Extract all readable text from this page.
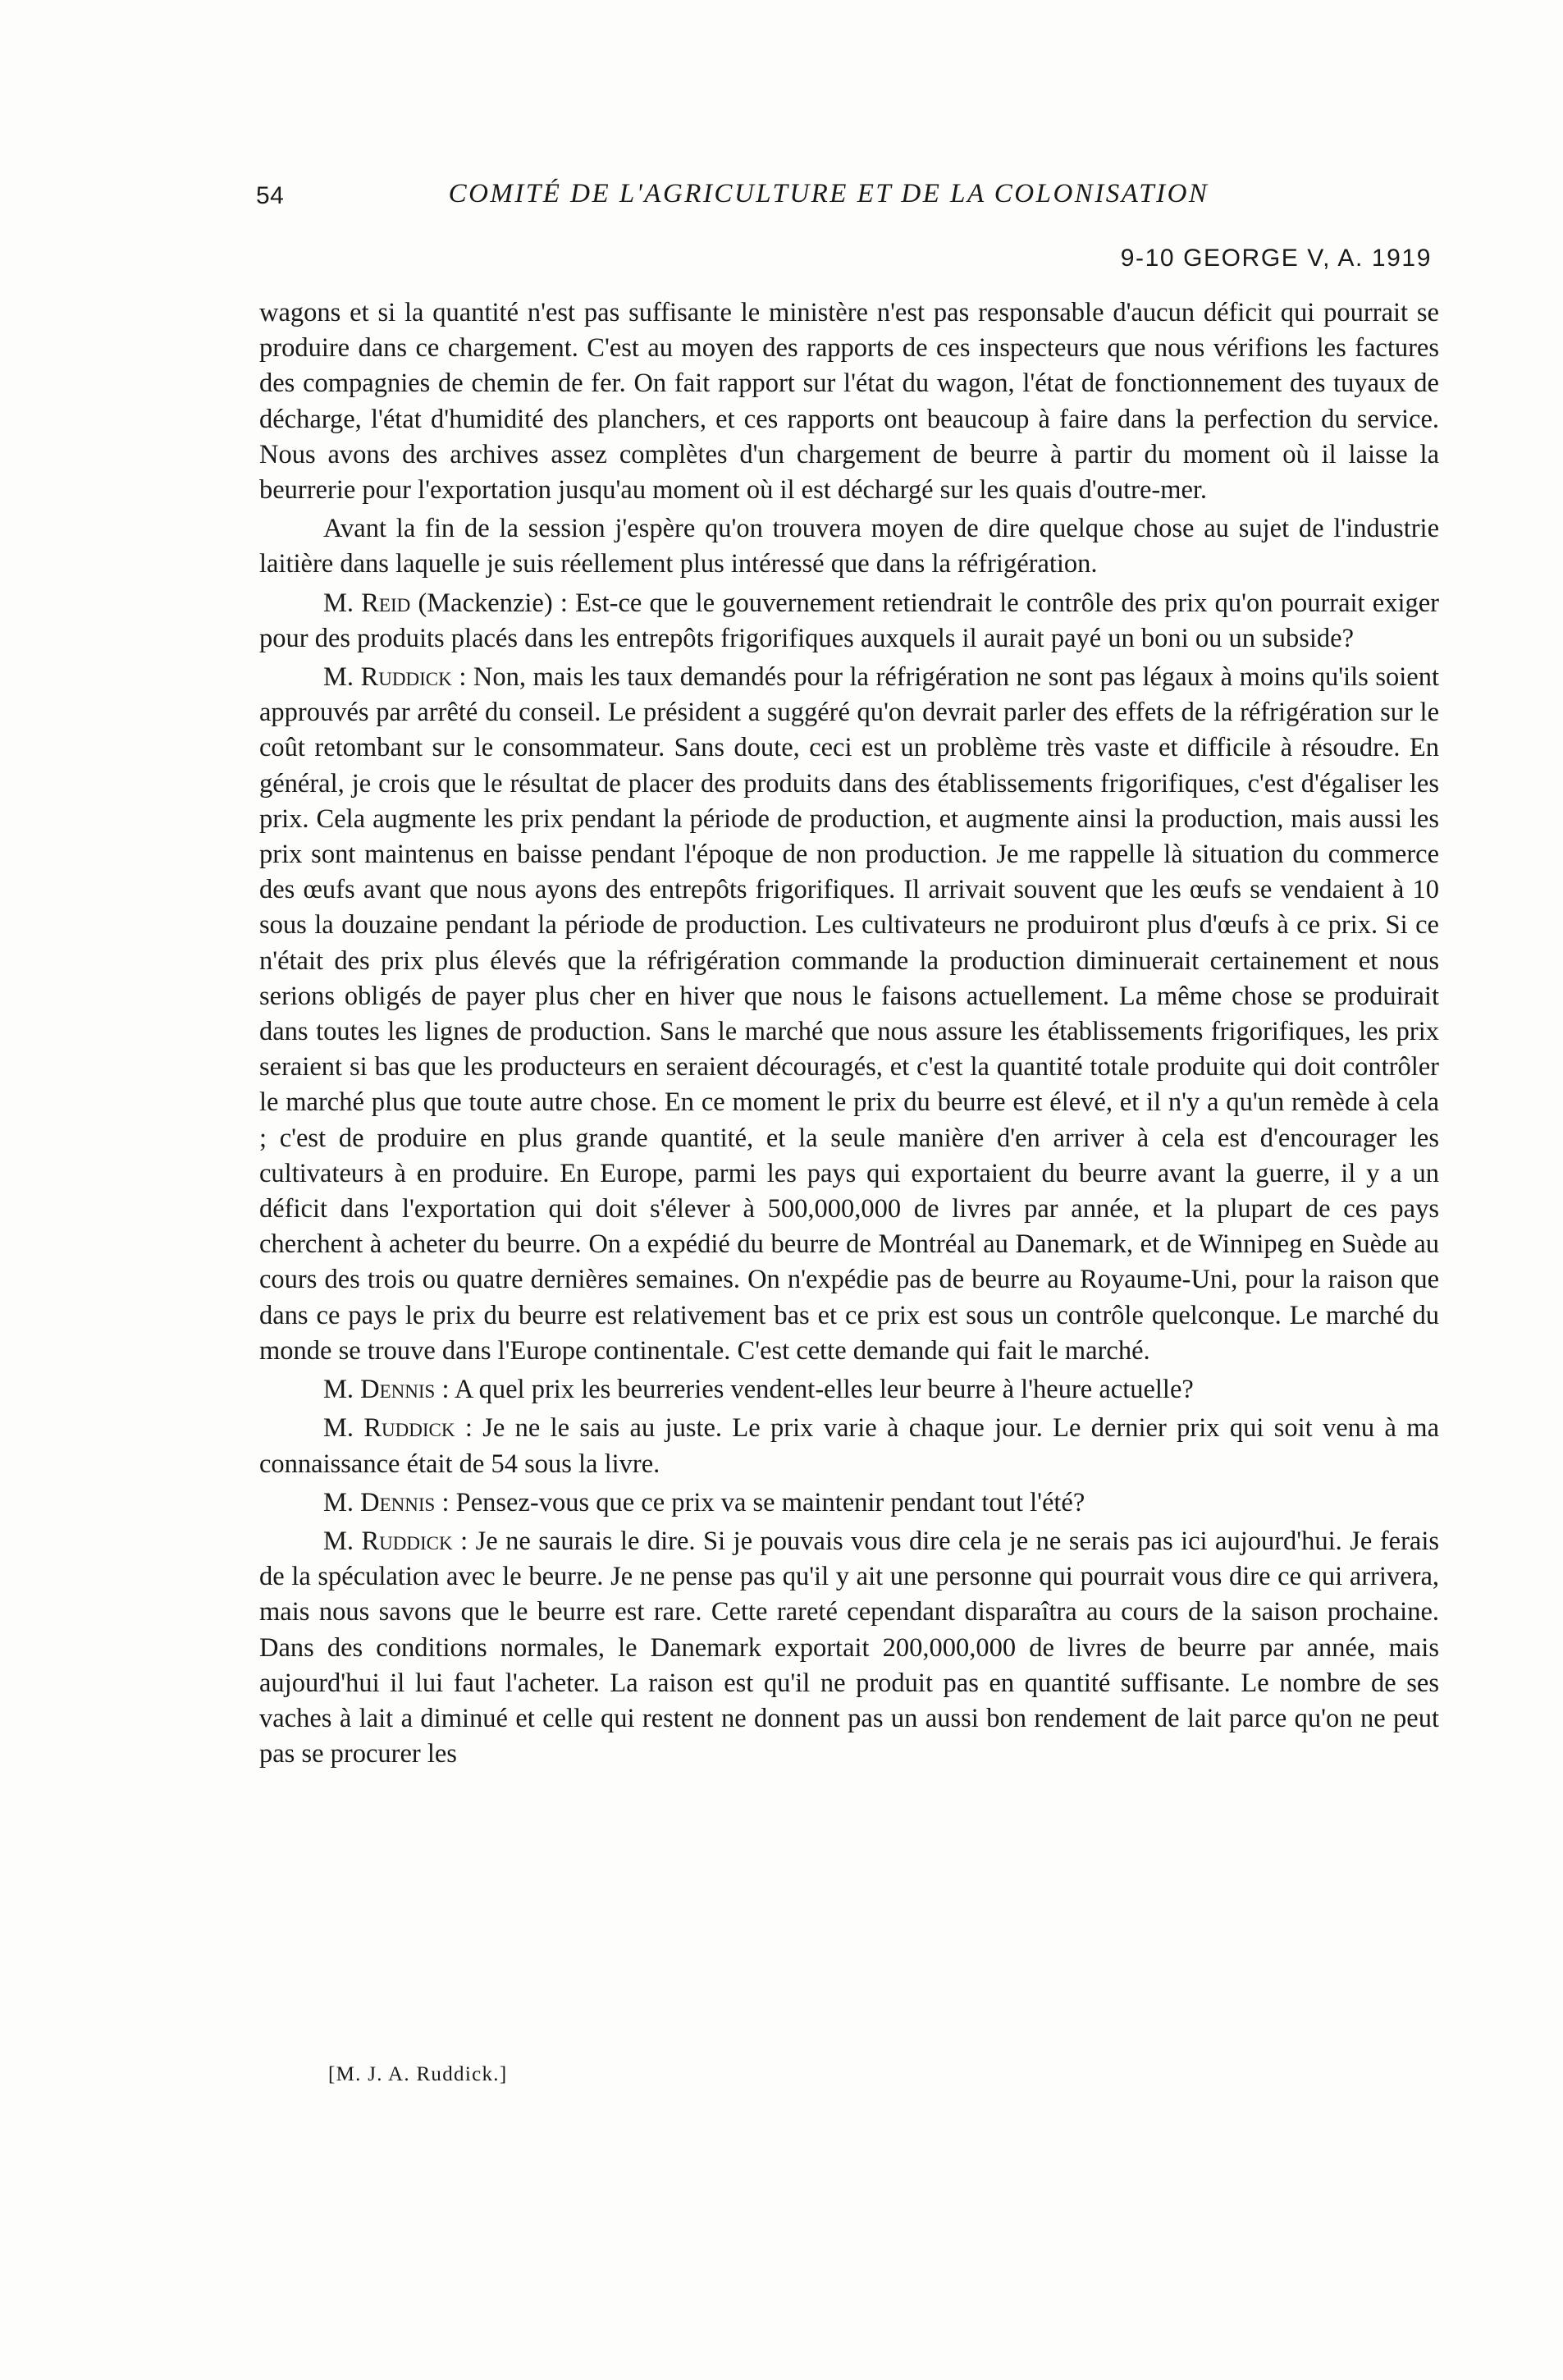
54	COMITÉ DE L'AGRICULTURE ET DE LA COLONISATION
9-10 GEORGE V, A. 1919

wagons et si la quantité n'est pas suffisante le ministère n'est pas responsable d'aucun déficit qui pourrait se produire dans ce chargement. C'est au moyen des rapports de ces inspecteurs que nous vérifions les factures des compagnies de chemin de fer. On fait rapport sur l'état du wagon, l'état de fonctionnement des tuyaux de décharge, l'état d'humidité des planchers, et ces rapports ont beaucoup à faire dans la perfection du service. Nous avons des archives assez complètes d'un chargement de beurre à partir du moment où il laisse la beurrerie pour l'exportation jusqu'au moment où il est déchargé sur les quais d'outre-mer.

Avant la fin de la session j'espère qu'on trouvera moyen de dire quelque chose au sujet de l'industrie laitière dans laquelle je suis réellement plus intéressé que dans la réfrigération.

M. Reid (Mackenzie) : Est-ce que le gouvernement retiendrait le contrôle des prix qu'on pourrait exiger pour des produits placés dans les entrepôts frigorifiques auxquels il aurait payé un boni ou un subside?

M. Ruddick : Non, mais les taux demandés pour la réfrigération ne sont pas légaux à moins qu'ils soient approuvés par arrêté du conseil. Le président a suggéré qu'on devrait parler des effets de la réfrigération sur le coût retombant sur le consommateur. Sans doute, ceci est un problème très vaste et difficile à résoudre. En général, je crois que le résultat de placer des produits dans des établissements frigorifiques, c'est d'égaliser les prix. Cela augmente les prix pendant la période de production, et augmente ainsi la production, mais aussi les prix sont maintenus en baisse pendant l'époque de non production. Je me rappelle là situation du commerce des œufs avant que nous ayons des entrepôts frigorifiques. Il arrivait souvent que les œufs se vendaient à 10 sous la douzaine pendant la période de production. Les cultivateurs ne produiront plus d'œufs à ce prix. Si ce n'était des prix plus élevés que la réfrigération commande la production diminuerait certainement et nous serions obligés de payer plus cher en hiver que nous le faisons actuellement. La même chose se produirait dans toutes les lignes de production. Sans le marché que nous assure les établissements frigorifiques, les prix seraient si bas que les producteurs en seraient découragés, et c'est la quantité totale produite qui doit contrôler le marché plus que toute autre chose. En ce moment le prix du beurre est élevé, et il n'y a qu'un remède à cela ; c'est de produire en plus grande quantité, et la seule manière d'en arriver à cela est d'encourager les cultivateurs à en produire. En Europe, parmi les pays qui exportaient du beurre avant la guerre, il y a un déficit dans l'exportation qui doit s'élever à 500,000,000 de livres par année, et la plupart de ces pays cherchent à acheter du beurre. On a expédié du beurre de Montréal au Danemark, et de Winnipeg en Suède au cours des trois ou quatre dernières semaines. On n'expédie pas de beurre au Royaume-Uni, pour la raison que dans ce pays le prix du beurre est relativement bas et ce prix est sous un contrôle quelconque. Le marché du monde se trouve dans l'Europe continentale. C'est cette demande qui fait le marché.

M. Dennis : A quel prix les beurreries vendent-elles leur beurre à l'heure actuelle?

M. Ruddick : Je ne le sais au juste. Le prix varie à chaque jour. Le dernier prix qui soit venu à ma connaissance était de 54 sous la livre.

M. Dennis : Pensez-vous que ce prix va se maintenir pendant tout l'été?

M. Ruddick : Je ne saurais le dire. Si je pouvais vous dire cela je ne serais pas ici aujourd'hui. Je ferais de la spéculation avec le beurre. Je ne pense pas qu'il y ait une personne qui pourrait vous dire ce qui arrivera, mais nous savons que le beurre est rare. Cette rareté cependant disparaîtra au cours de la saison prochaine. Dans des conditions normales, le Danemark exportait 200,000,000 de livres de beurre par année, mais aujourd'hui il lui faut l'acheter. La raison est qu'il ne produit pas en quantité suffisante. Le nombre de ses vaches à lait a diminué et celle qui restent ne donnent pas un aussi bon rendement de lait parce qu'on ne peut pas se procurer les

[M. J. A. Ruddick.]
